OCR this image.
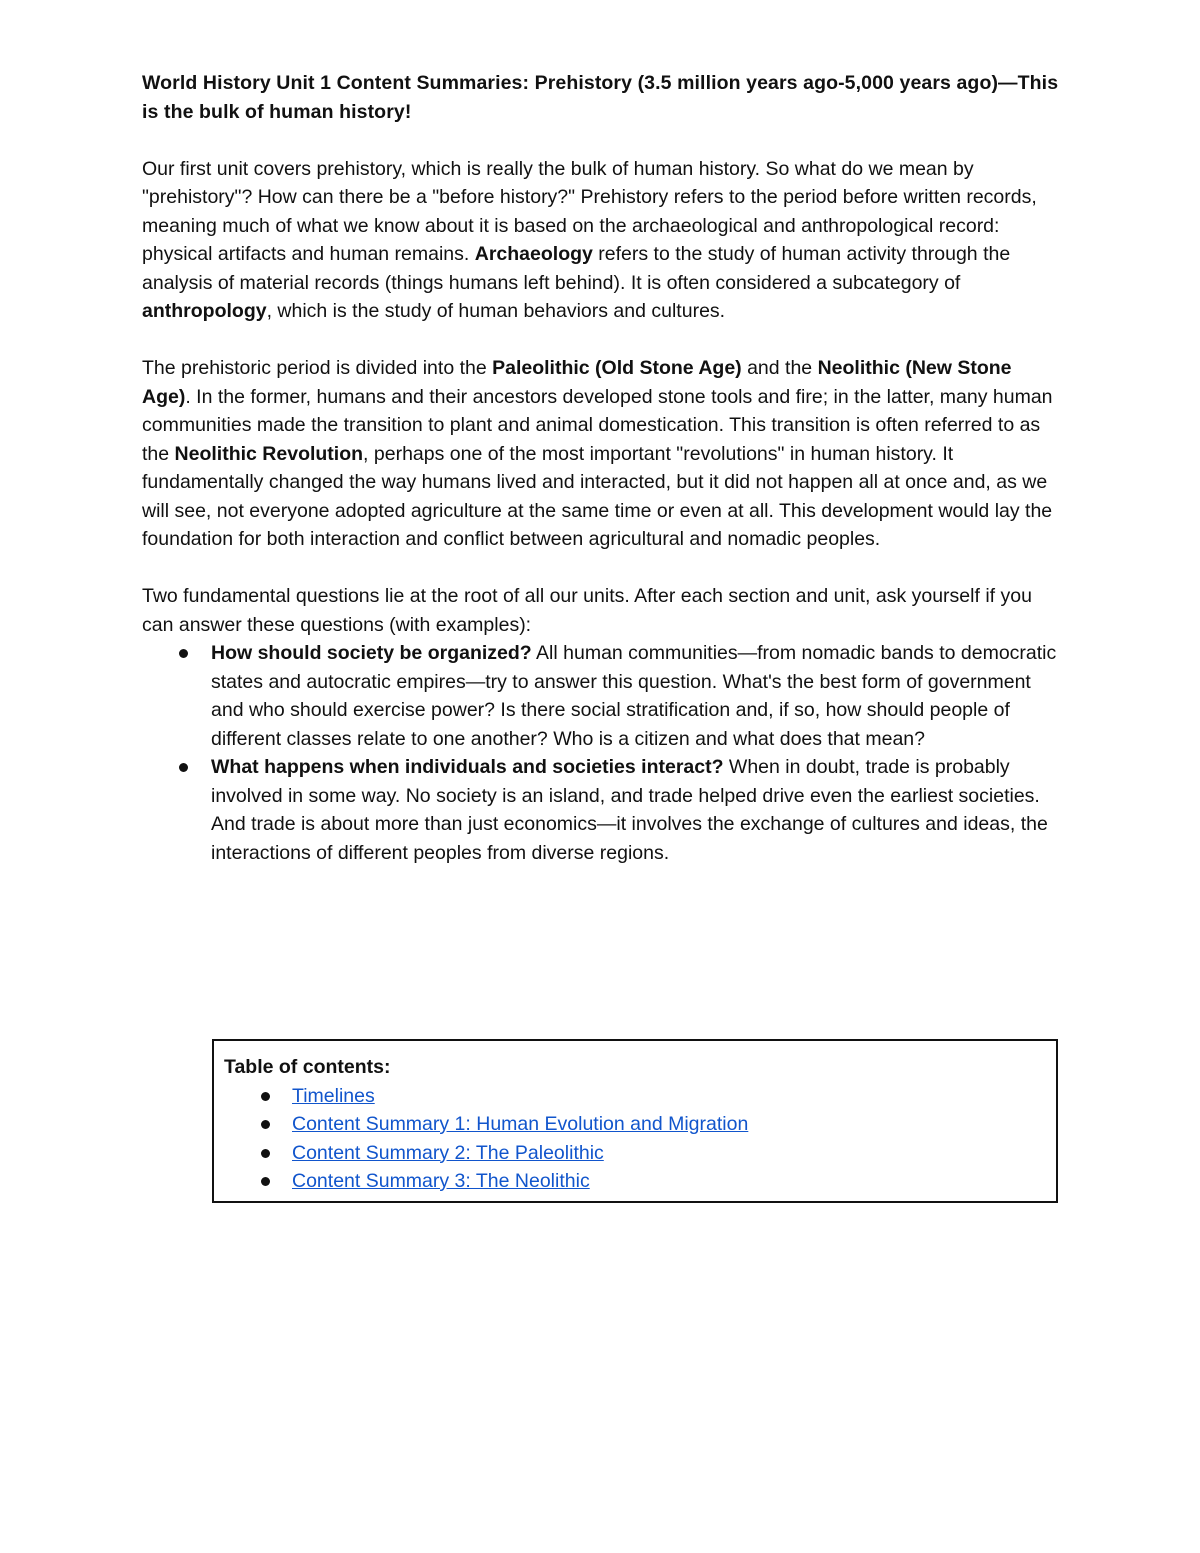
World History Unit 1 Content Summaries: Prehistory (3.5 million years ago-5,000 years ago)—This is the bulk of human history!

Our first unit covers prehistory, which is really the bulk of human history. So what do we mean by "prehistory"? How can there be a "before history?" Prehistory refers to the period before written records, meaning much of what we know about it is based on the archaeological and anthropological record: physical artifacts and human remains. Archaeology refers to the study of human activity through the analysis of material records (things humans left behind). It is often considered a subcategory of anthropology, which is the study of human behaviors and cultures.

The prehistoric period is divided into the Paleolithic (Old Stone Age) and the Neolithic (New Stone Age). In the former, humans and their ancestors developed stone tools and fire; in the latter, many human communities made the transition to plant and animal domestication. This transition is often referred to as the Neolithic Revolution, perhaps one of the most important "revolutions" in human history. It fundamentally changed the way humans lived and interacted, but it did not happen all at once and, as we will see, not everyone adopted agriculture at the same time or even at all. This development would lay the foundation for both interaction and conflict between agricultural and nomadic peoples.

Two fundamental questions lie at the root of all our units. After each section and unit, ask yourself if you can answer these questions (with examples):

How should society be organized? All human communities—from nomadic bands to democratic states and autocratic empires—try to answer this question. What's the best form of government and who should exercise power? Is there social stratification and, if so, how should people of different classes relate to one another? Who is a citizen and what does that mean?
What happens when individuals and societies interact? When in doubt, trade is probably involved in some way. No society is an island, and trade helped drive even the earliest societies. And trade is about more than just economics—it involves the exchange of cultures and ideas, the interactions of different peoples from diverse regions.
Table of contents:
Timelines
Content Summary 1: Human Evolution and Migration
Content Summary 2: The Paleolithic
Content Summary 3: The Neolithic
